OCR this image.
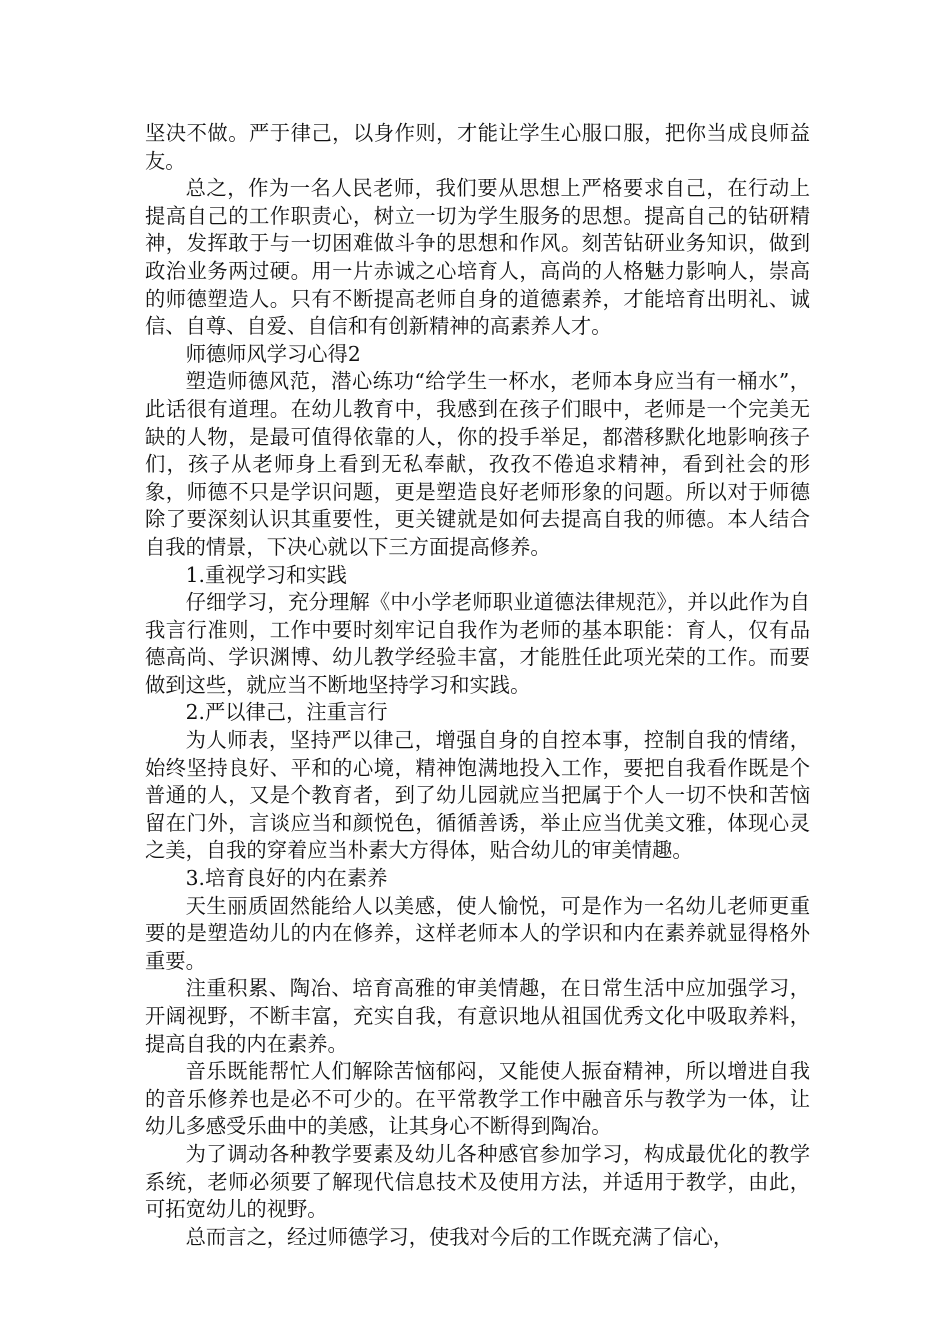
坚决不做。严于律己，以身作则，才能让学生心服口服，把你当成良师益友。

总之，作为一名人民老师，我们要从思想上严格要求自己，在行动上提高自己的工作职责心，树立一切为学生服务的思想。提高自己的钻研精神，发挥敢于与一切困难做斗争的思想和作风。刻苦钻研业务知识，做到政治业务两过硬。用一片赤诚之心培育人，高尚的人格魅力影响人，崇高的师德塑造人。只有不断提高老师自身的道德素养，才能培育出明礼、诚信、自尊、自爱、自信和有创新精神的高素养人才。

师德师风学习心得2

塑造师德风范，潜心练功“给学生一杯水，老师本身应当有一桶水”，此话很有道理。在幼儿教育中，我感到在孩子们眼中，老师是一个完美无缺的人物，是最可值得依靠的人，你的投手举足，都潜移默化地影响孩子们，孩子从老师身上看到无私奉献，孜孜不倦追求精神，看到社会的形象，师德不只是学识问题，更是塑造良好老师形象的问题。所以对于师德除了要深刻认识其重要性，更关键就是如何去提高自我的师德。本人结合自我的情景，下决心就以下三方面提高修养。

1.重视学习和实践

仔细学习，充分理解《中小学老师职业道德法律规范》，并以此作为自我言行准则，工作中要时刻牢记自我作为老师的基本职能：育人，仅有品德高尚、学识渊博、幼儿教学经验丰富，才能胜任此项光荣的工作。而要做到这些，就应当不断地坚持学习和实践。

2.严以律己，注重言行

为人师表，坚持严以律己，增强自身的自控本事，控制自我的情绪，始终坚持良好、平和的心境，精神饱满地投入工作，要把自我看作既是个普通的人，又是个教育者，到了幼儿园就应当把属于个人一切不快和苦恼留在门外，言谈应当和颜悦色，循循善诱，举止应当优美文雅，体现心灵之美，自我的穿着应当朴素大方得体，贴合幼儿的审美情趣。

3.培育良好的内在素养

天生丽质固然能给人以美感，使人愉悦，可是作为一名幼儿老师更重要的是塑造幼儿的内在修养，这样老师本人的学识和内在素养就显得格外重要。

注重积累、陶冶、培育高雅的审美情趣，在日常生活中应加强学习，开阔视野，不断丰富，充实自我，有意识地从祖国优秀文化中吸取养料，提高自我的内在素养。

音乐既能帮忙人们解除苦恼郁闷，又能使人振奋精神，所以增进自我的音乐修养也是必不可少的。在平常教学工作中融音乐与教学为一体，让幼儿多感受乐曲中的美感，让其身心不断得到陶冶。

为了调动各种教学要素及幼儿各种感官参加学习，构成最优化的教学系统，老师必须要了解现代信息技术及使用方法，并适用于教学，由此，可拓宽幼儿的视野。

总而言之，经过师德学习，使我对今后的工作既充满了信心，
